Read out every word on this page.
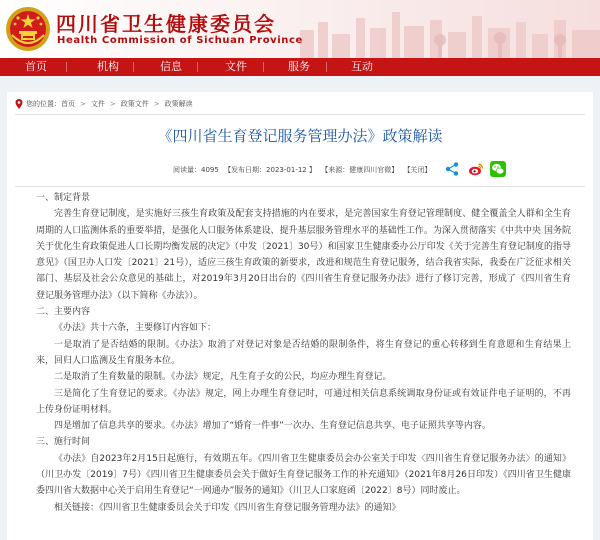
四川省卫生健康委员会
Health Commission of Sichuan Province
首页	机构	信息	文件	服务	互动
您的位置： 首页 > 文件 > 政策文件 > 政策解读
《四川省生育登记服务管理办法》政策解读
阅读量：4095 【发布日期：2023-01-12 】 【来源：健康四川官微】 【关闭】

一、制定背景

完善生育登记制度，是实施好三孩生育政策及配套支持措施的内在要求，是完善国家生育登记管理制度、健全覆盖全人群和全生育周期的人口监测体系的重要举措，是强化人口服务体系建设、提升基层服务管理水平的基础性工作。为深入贯彻落实《中共中央 国务院关于优化生育政策促进人口长期均衡发展的决定》（中发〔2021〕30号）和国家卫生健康委办公厅印发《关于完善生育登记制度的指导意见》（国卫办人口发〔2021〕21号），适应三孩生育政策的新要求，改进和规范生育登记服务，结合我省实际，我委在广泛征求相关部门、基层及社会公众意见的基础上，对2019年3月20日出台的《四川省生育登记服务办法》进行了修订完善，形成了《四川省生育登记服务管理办法》（以下简称《办法》）。

二、主要内容

《办法》共十六条，主要修订内容如下：

一是取消了是否结婚的限制。《办法》取消了对登记对象是否结婚的限制条件，将生育登记的重心转移到生育意愿和生育结果上来，回归人口监测及生育服务本位。

二是取消了生育数量的限制。《办法》规定，凡生育子女的公民，均应办理生育登记。

三是简化了生育登记的要求。《办法》规定，网上办理生育登记时，可通过相关信息系统调取身份证或有效证件电子证明的，不再上传身份证明材料。

四是增加了信息共享的要求。《办法》增加了“婚育一件事”一次办、生育登记信息共享、电子证照共享等内容。

三、施行时间

《办法》自2023年2月15日起施行，有效期五年。《四川省卫生健康委员会办公室关于印发〈四川省生育登记服务办法〉的通知》（川卫办发〔2019〕7号）《四川省卫生健康委员会关于做好生育登记服务工作的补充通知》（2021年8月26日印发）《四川省卫生健康委四川省大数据中心关于启用生育登记“一网通办”服务的通知》（川卫人口家庭函〔2022〕8号）同时废止。

相关链接：《四川省卫生健康委员会关于印发《四川省生育登记服务管理办法》的通知》
